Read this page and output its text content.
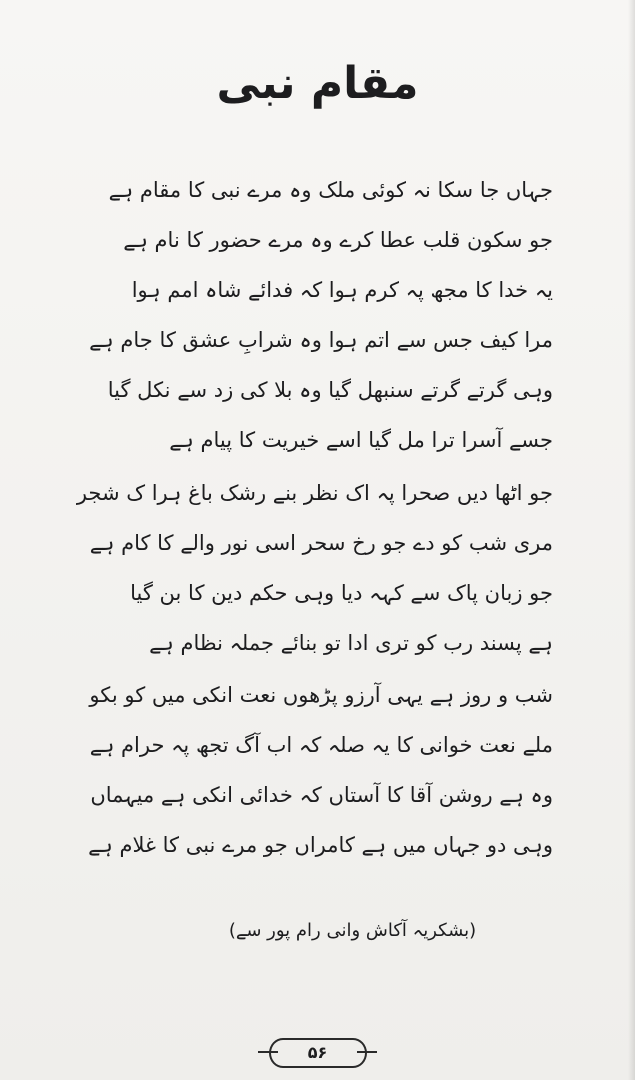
مقام نبی
جہاں جا سکا نہ کوئی ملک وہ مرے نبی کا مقام ہے
جو سکون قلب عطا کرے وہ مرے حضور کا نام ہے
یہ خدا کا مجھ پہ کرم ہوا کہ فدائے شاہ امم ہوا
مرا کیف جس سے اتم ہوا وہ شرابِ عشق کا جام ہے
وہی گرتے گرتے سنبھل گیا وہ بلا کی زد سے نکل گیا
جسے آسرا ترا مل گیا اسے خیریت کا پیام ہے
جو اٹھا دیں صحرا پہ اک نظر بنے رشک باغ ہرا ک شجر
مری شب کو دے جو رخ سحر اسی نور والے کا کام ہے
جو زبان پاک سے کہہ دیا وہی حکم دین کا بن گیا
ہے پسند رب کو تری ادا تو بنائے جملہ نظام ہے
شب و روز ہے یہی آرزو پڑھوں نعت انکی میں کو بکو
ملے نعت خوانی کا یہ صلہ کہ اب آگ تجھ پہ حرام ہے
وہ ہے روشن آقا کا آستاں کہ خدائی انکی ہے میہماں
وہی دو جہاں میں ہے کامراں جو مرے نبی کا غلام ہے
(بشکریہ آکاش وانی رام پور سے)
۵۶
